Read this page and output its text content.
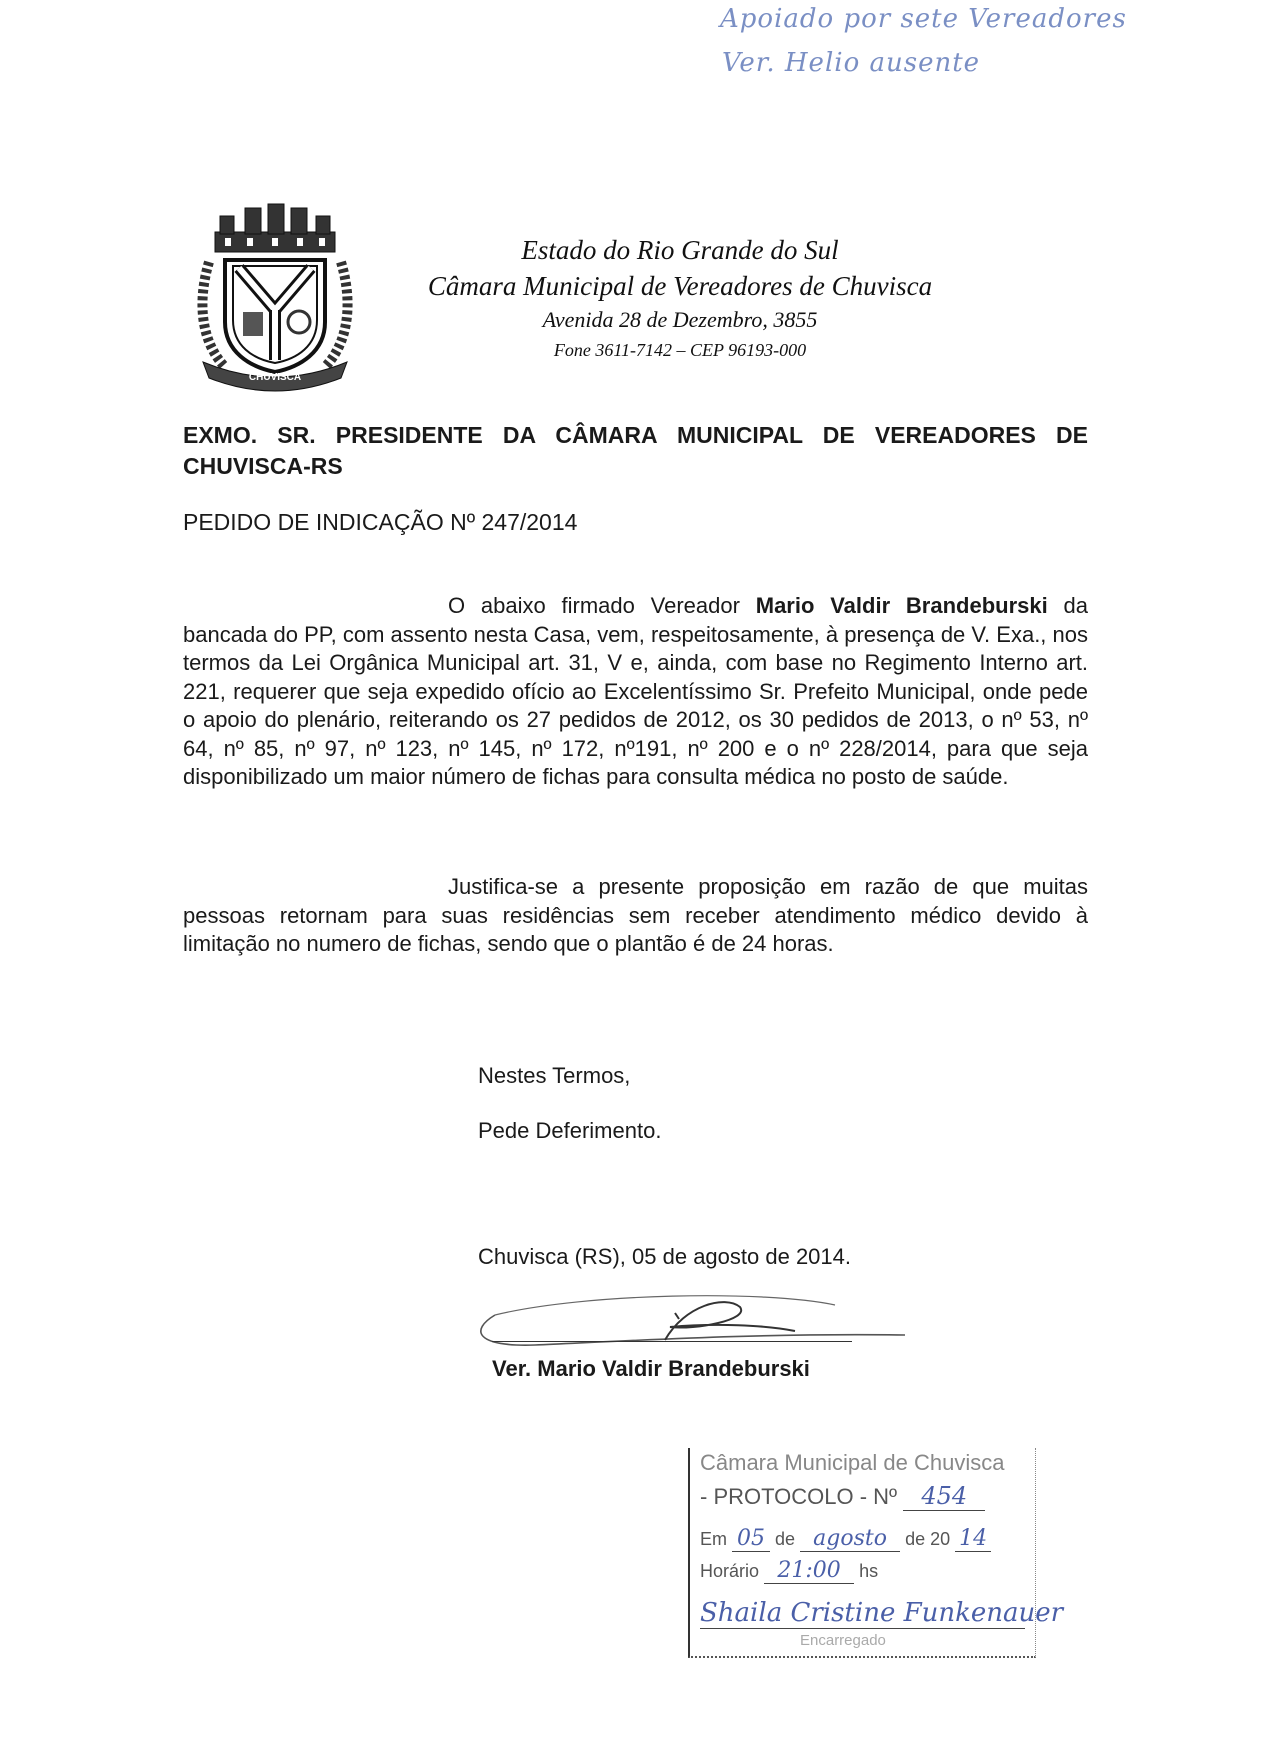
Apoiado por sete Vereadores
Ver. Helio ausente
CHUVISCA
Estado do Rio Grande do Sul
Câmara Municipal de Vereadores de Chuvisca
Avenida 28 de Dezembro, 3855
Fone 3611-7142 – CEP 96193-000
EXMO. SR. PRESIDENTE DA CÂMARA MUNICIPAL DE VEREADORES DE CHUVISCA-RS
PEDIDO DE INDICAÇÃO Nº 247/2014

O abaixo firmado Vereador Mario Valdir Brandeburski da bancada do PP, com assento nesta Casa, vem, respeitosamente, à presença de V. Exa., nos termos da Lei Orgânica Municipal art. 31, V e, ainda, com base no Regimento Interno art. 221, requerer que seja expedido ofício ao Excelentíssimo Sr. Prefeito Municipal, onde pede o apoio do plenário, reiterando os 27 pedidos de 2012, os 30 pedidos de 2013, o nº 53, nº 64, nº 85, nº 97, nº 123, nº 145, nº 172, nº191, nº 200 e o nº 228/2014, para que seja disponibilizado um maior número de fichas para consulta médica no posto de saúde.

Justifica-se a presente proposição em razão de que muitas pessoas retornam para suas residências sem receber atendimento médico devido à limitação no numero de fichas, sendo que o plantão é de 24 horas.

Nestes Termos,
Pede Deferimento.
Chuvisca (RS), 05 de agosto de 2014.
Ver. Mario Valdir Brandeburski
Câmara Municipal de Chuvisca
- PROTOCOLO - Nº 454
Em 05 de agosto de 20 14
Horário 21:00 hs
Shaila Cristine Funkenauer
Encarregado
